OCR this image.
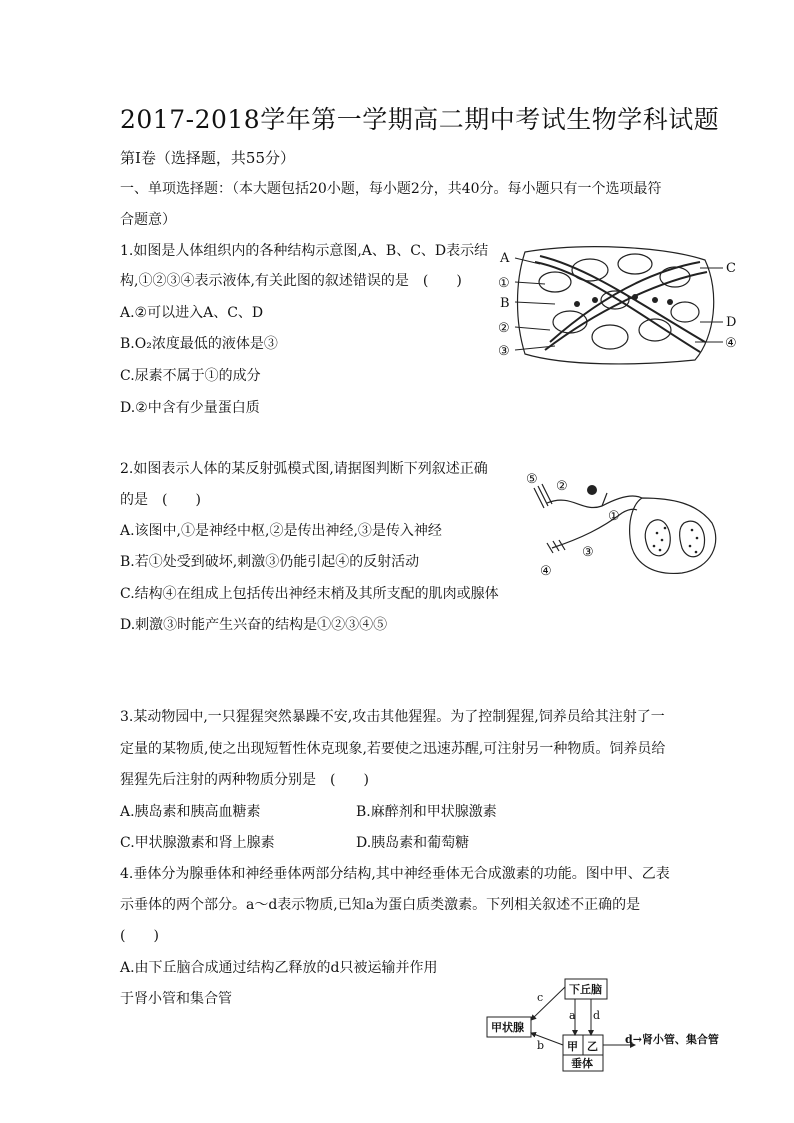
2017-2018学年第一学期高二期中考试生物学科试题
第Ⅰ卷（选择题，共55分）
一、单项选择题：（本大题包括20小题，每小题2分，共40分。每小题只有一个选项最符
合题意）
1.如图是人体组织内的各种结构示意图,A、B、C、D表示结
构,①②③④表示液体,有关此图的叙述错误的是　(　　)
A.②可以进入A、C、D
B.O₂浓度最低的液体是③
C.尿素不属于①的成分
D.②中含有少量蛋白质
A
①
B
②
③
C
D
④
2.如图表示人体的某反射弧模式图,请据图判断下列叙述正确
的是　(　　)
A.该图中,①是神经中枢,②是传出神经,③是传入神经
B.若①处受到破坏,刺激③仍能引起④的反射活动
C.结构④在组成上包括传出神经末梢及其所支配的肌肉或腺体
D.刺激③时能产生兴奋的结构是①②③④⑤
⑤ ②
①
③
④
3.某动物园中,一只猩猩突然暴躁不安,攻击其他猩猩。为了控制猩猩,饲养员给其注射了一
定量的某物质,使之出现短暂性休克现象,若要使之迅速苏醒,可注射另一种物质。饲养员给
猩猩先后注射的两种物质分别是　(　　)
A.胰岛素和胰高血糖素	B.麻醉剂和甲状腺激素
C.甲状腺激素和肾上腺素	D.胰岛素和葡萄糖
4.垂体分为腺垂体和神经垂体两部分结构,其中神经垂体无合成激素的功能。图中甲、乙表
示垂体的两个部分。a～d表示物质,已知a为蛋白质类激素。下列相关叙述不正确的是
(　　)
A.由下丘脑合成通过结构乙释放的d只被运输并作用
于肾小管和集合管
下丘脑
甲状腺
甲 乙
垂体
a d
c
b	d→肾小管、集合管
